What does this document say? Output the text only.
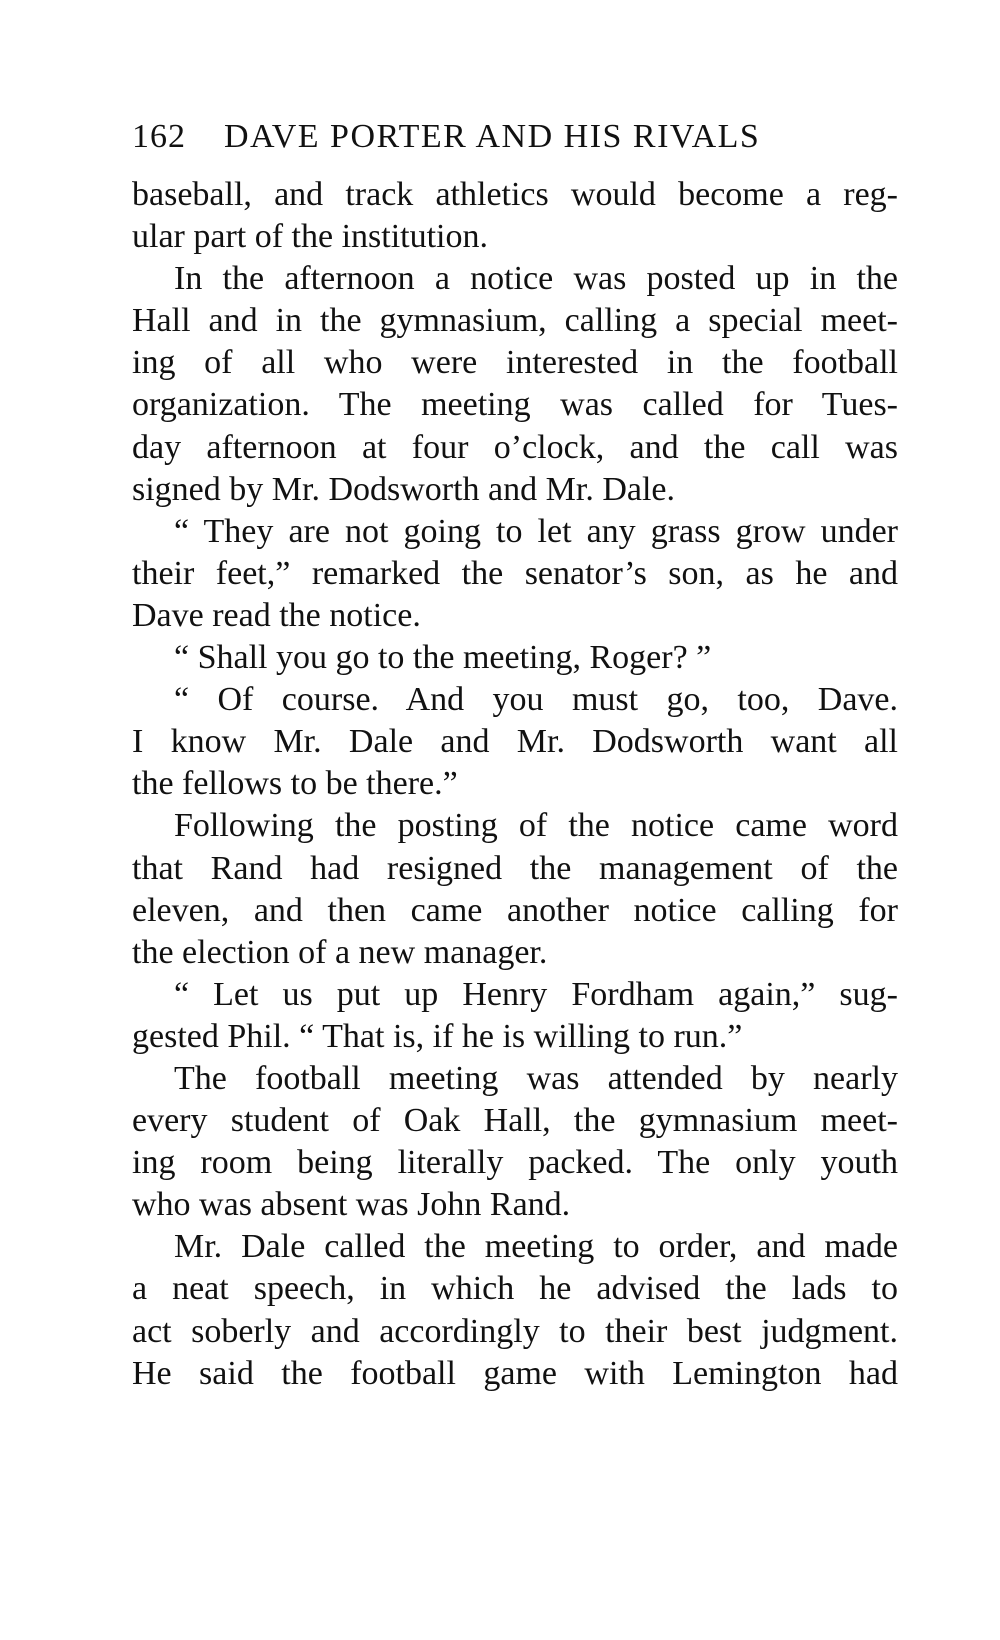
162	DAVE PORTER AND HIS RIVALS
baseball, and track athletics would become a reg-
ular part of the institution.
In the afternoon a notice was posted up in the
Hall and in the gymnasium, calling a special meet-
ing of all who were interested in the football
organization. The meeting was called for Tues-
day afternoon at four o’clock, and the call was
signed by Mr. Dodsworth and Mr. Dale.
“ They are not going to let any grass grow under
their feet,” remarked the senator’s son, as he and
Dave read the notice.
“ Shall you go to the meeting, Roger? ”
“ Of course. And you must go, too, Dave.
I know Mr. Dale and Mr. Dodsworth want all
the fellows to be there.”
Following the posting of the notice came word
that Rand had resigned the management of the
eleven, and then came another notice calling for
the election of a new manager.
“ Let us put up Henry Fordham again,” sug-
gested Phil. “ That is, if he is willing to run.”
The football meeting was attended by nearly
every student of Oak Hall, the gymnasium meet-
ing room being literally packed. The only youth
who was absent was John Rand.
Mr. Dale called the meeting to order, and made
a neat speech, in which he advised the lads to
act soberly and accordingly to their best judgment.
He said the football game with Lemington had
